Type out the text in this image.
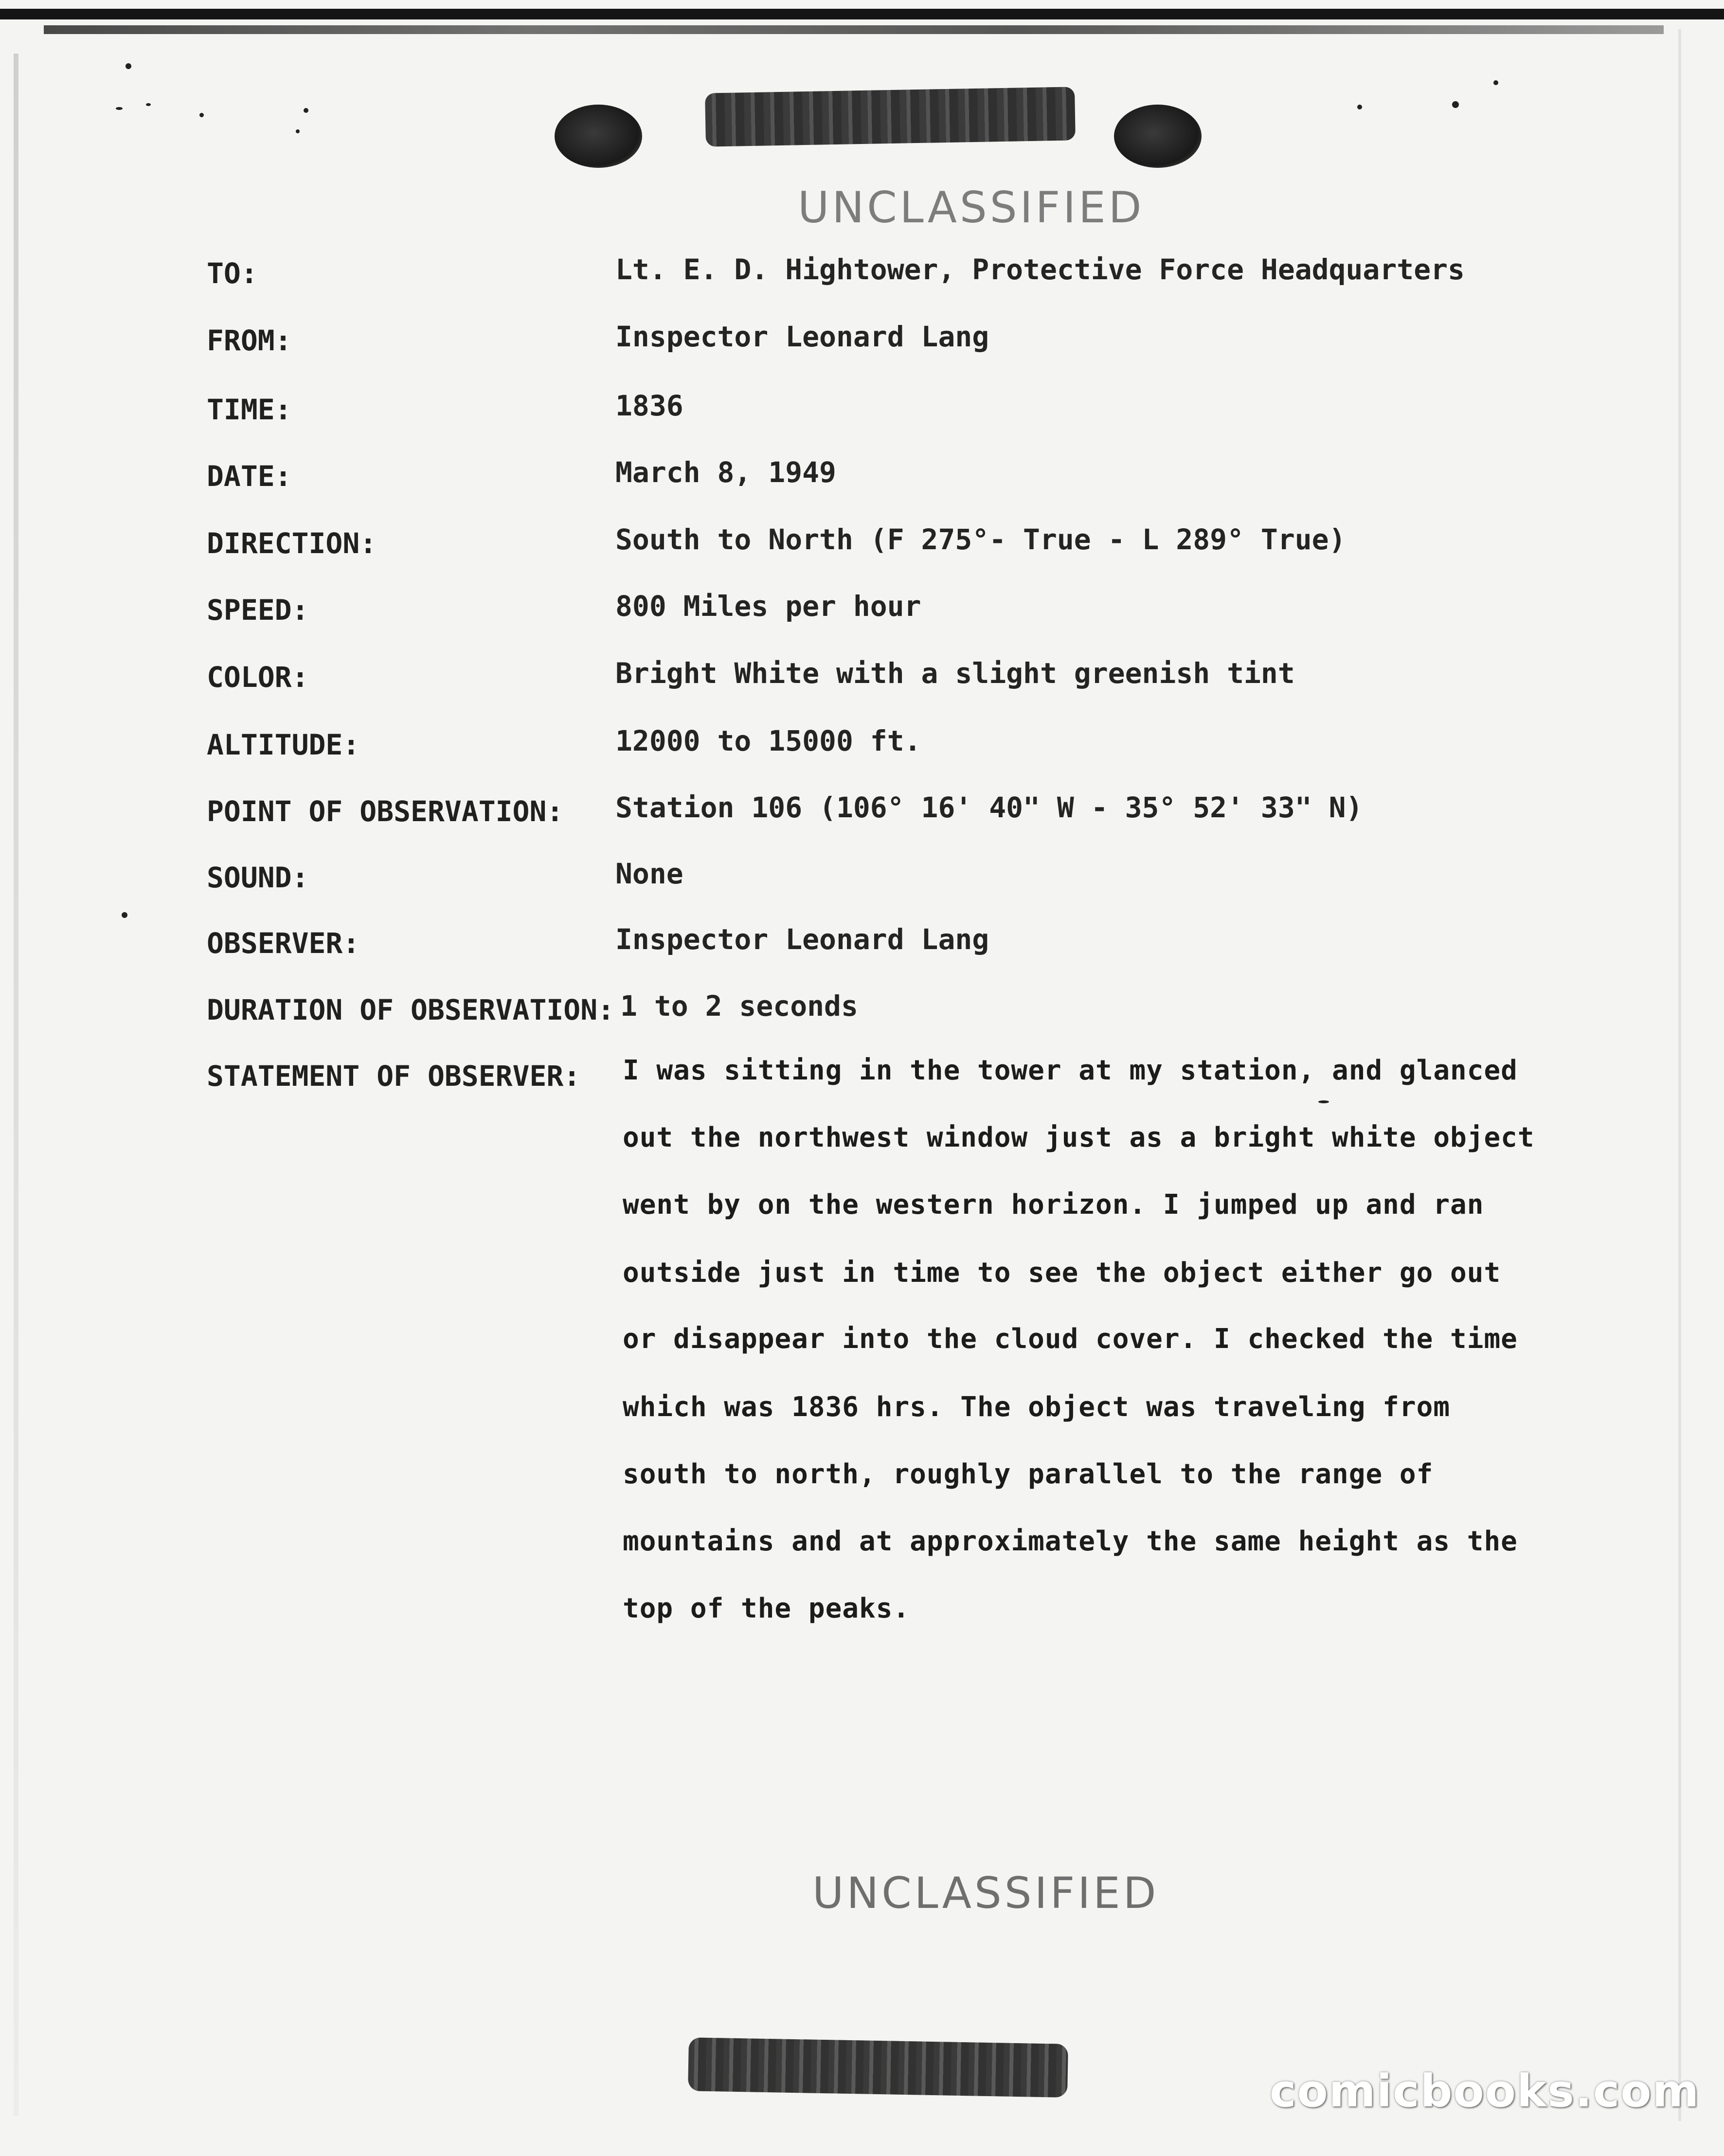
UNCLASSIFIED
TO:	Lt. E. D. Hightower, Protective Force Headquarters
FROM:	Inspector Leonard Lang
TIME:	1836
DATE:	March 8, 1949
DIRECTION:	South to North (F 275°- True - L 289° True)
SPEED:	800 Miles per hour
COLOR:	Bright White with a slight greenish tint
ALTITUDE:	12000 to 15000 ft.
POINT OF OBSERVATION: Station 106 (106° 16' 40" W - 35° 52' 33" N)
SOUND:	None
OBSERVER:	Inspector Leonard Lang
DURATION OF OBSERVATION: 1 to 2 seconds
STATEMENT OF OBSERVER: I was sitting in the tower at my station, and glanced
out the northwest window just as a bright white object
went by on the western horizon. I jumped up and ran
outside just in time to see the object either go out
or disappear into the cloud cover. I checked the time
which was 1836 hrs. The object was traveling from
south to north, roughly parallel to the range of
mountains and at approximately the same height as the
top of the peaks.
UNCLASSIFIED
comicbooks.com
